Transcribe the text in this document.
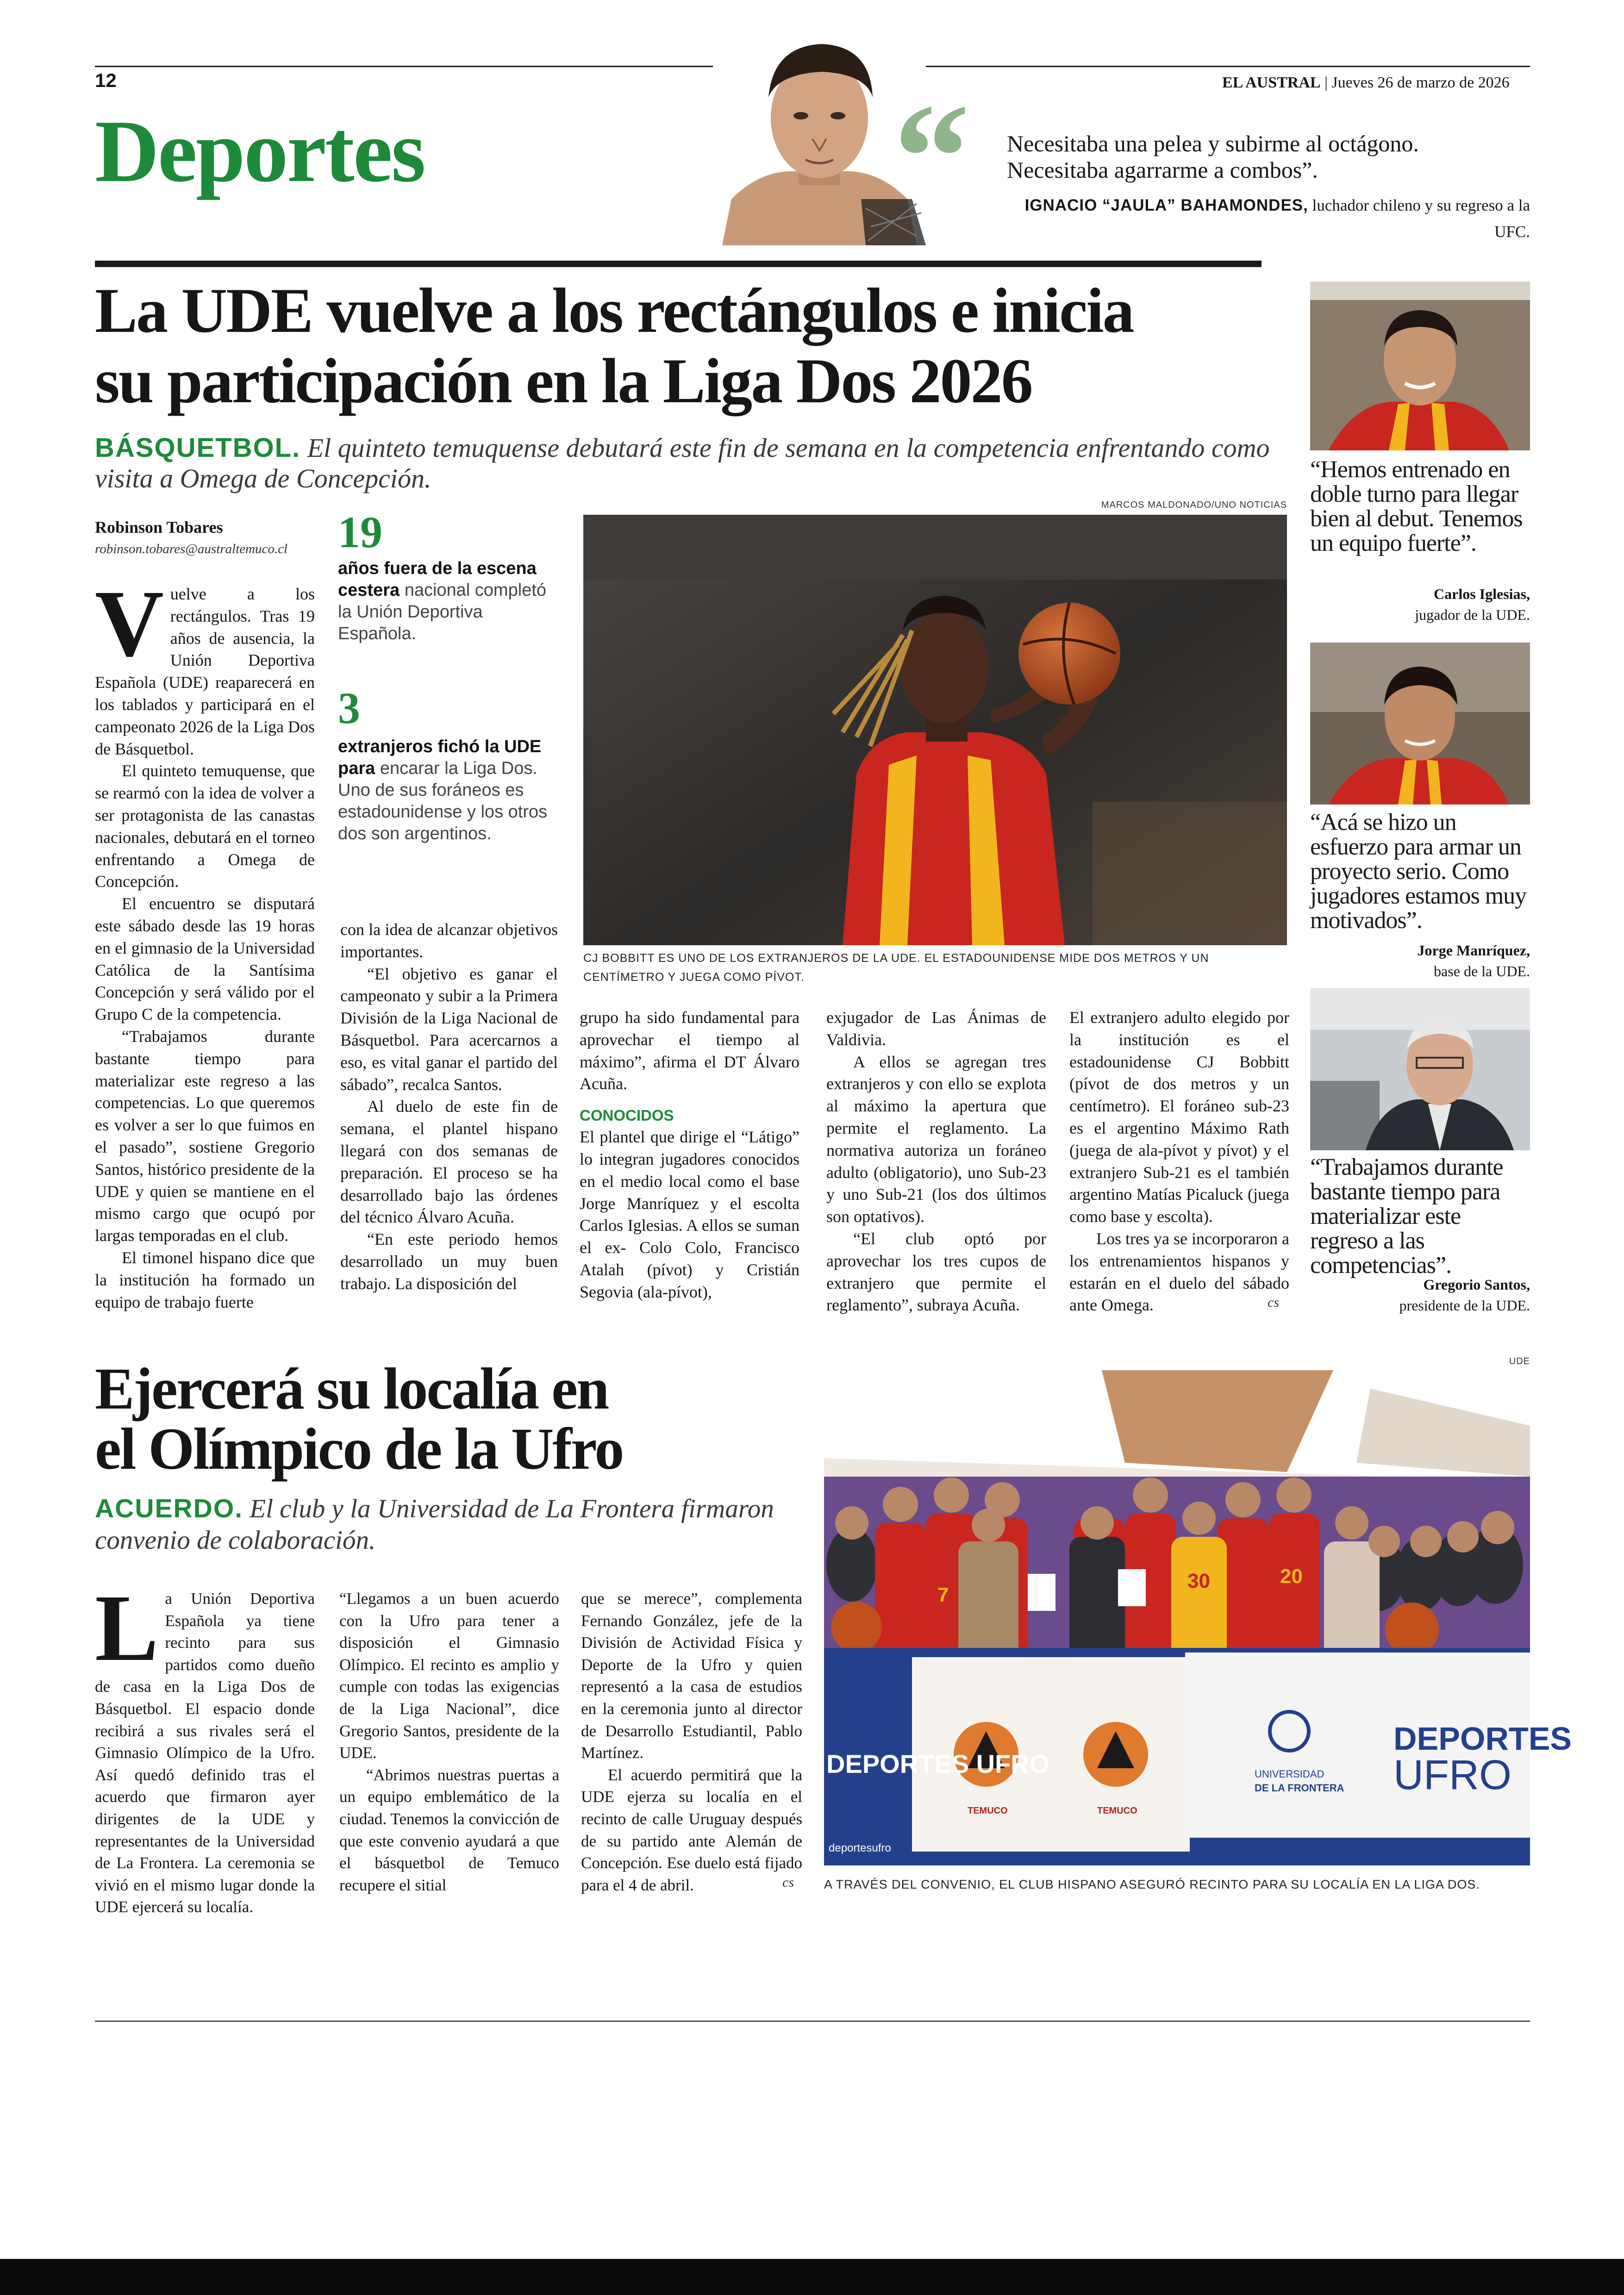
12	EL AUSTRAL | Jueves 26 de marzo de 2026
Deportes	“ Necesitaba una pelea y subirme al octágono. Necesitaba agarrarme a combos”.
IGNACIO “JAULA” BAHAMONDES, luchador chileno y su regreso a la UFC.
La UDE vuelve a los rectángulos e inicia
su participación en la Liga Dos 2026
BÁSQUETBOL. El quinteto temuquense debutará este fin de semana en la competencia enfrentando como visita a Omega de Concepción.
Robinson Tobares
robinson.tobares@australtemuco.cl

Vuelve a los rectángulos. Tras 19 años de ausencia, la Unión Deportiva Española (UDE) reaparecerá en los tablados y participará en el campeonato 2026 de la Liga Dos de Básquetbol.

El quinteto temuquense, que se rearmó con la idea de volver a ser protagonista de las canastas nacionales, debutará en el torneo enfrentando a Omega de Concepción.

El encuentro se disputará este sábado desde las 19 horas en el gimnasio de la Universidad Católica de la Santísima Concepción y será válido por el Grupo C de la competencia.

“Trabajamos durante bastante tiempo para materializar este regreso a las competencias. Lo que queremos es volver a ser lo que fuimos en el pasado”, sostiene Gregorio Santos, histórico presidente de la UDE y quien se mantiene en el mismo cargo que ocupó por largas temporadas en el club.

El timonel hispano dice que la institución ha formado un equipo de trabajo fuerte

19
años fuera de la escena cestera nacional completó la Unión Deportiva Española.
3
extranjeros fichó la UDE para encarar la Liga Dos. Uno de sus foráneos es estadounidense y los otros dos son argentinos.
MARCOS MALDONADO/UNO NOTICIAS
CJ BOBBITT ES UNO DE LOS EXTRANJEROS DE LA UDE. EL ESTADOUNIDENSE MIDE DOS METROS Y UN CENTÍMETRO Y JUEGA COMO PÍVOT.

con la idea de alcanzar objetivos importantes.

“El objetivo es ganar el campeonato y subir a la Primera División de la Liga Nacional de Básquetbol. Para acercarnos a eso, es vital ganar el partido del sábado”, recalca Santos.

Al duelo de este fin de semana, el plantel hispano llegará con dos semanas de preparación. El proceso se ha desarrollado bajo las órdenes del técnico Álvaro Acuña.

“En este periodo hemos desarrollado un muy buen trabajo. La disposición del

grupo ha sido fundamental para aprovechar el tiempo al máximo”, afirma el DT Álvaro Acuña.

CONOCIDOS

El plantel que dirige el “Látigo” lo integran jugadores conocidos en el medio local como el base Jorge Manríquez y el escolta Carlos Iglesias. A ellos se suman el ex- Colo Colo, Francisco Atalah (pívot) y Cristián Segovia (ala-pívot),

exjugador de Las Ánimas de Valdivia.

A ellos se agregan tres extranjeros y con ello se explota al máximo la apertura que permite el reglamento. La normativa autoriza un foráneo adulto (obligatorio), uno Sub-23 y uno Sub-21 (los dos últimos son optativos).

“El club optó por aprovechar los tres cupos de extranjero que permite el reglamento”, subraya Acuña.

El extranjero adulto elegido por la institución es el estadounidense CJ Bobbitt (pívot de dos metros y un centímetro). El foráneo sub-23 es el argentino Máximo Rath (juega de ala-pívot y pívot) y el extranjero Sub-21 es el también argentino Matías Picaluck (juega como base y escolta).

Los tres ya se incorporaron a los entrenamientos hispanos y estarán en el duelo del sábado ante Omega.	cs
“Hemos entrenado en doble turno para llegar bien al debut. Tenemos un equipo fuerte”.
Carlos Iglesias,
jugador de la UDE.
“Acá se hizo un esfuerzo para armar un proyecto serio. Como jugadores estamos muy motivados”.
Jorge Manríquez,
base de la UDE.
“Trabajamos durante bastante tiempo para materializar este regreso a las competencias”.
Gregorio Santos,
presidente de la UDE.
Ejercerá su localía en
el Olímpico de la Ufro
ACUERDO. El club y la Universidad de La Frontera firmaron convenio de colaboración.

La Unión Deportiva Española ya tiene recinto para sus partidos como dueño de casa en la Liga Dos de Básquetbol. El espacio donde recibirá a sus rivales será el Gimnasio Olímpico de la Ufro. Así quedó definido tras el acuerdo que firmaron ayer dirigentes de la UDE y representantes de la Universidad de La Frontera. La ceremonia se vivió en el mismo lugar donde la UDE ejercerá su localía.

“Llegamos a un buen acuerdo con la Ufro para tener a disposición el Gimnasio Olímpico. El recinto es amplio y cumple con todas las exigencias de la Liga Nacional”, dice Gregorio Santos, presidente de la UDE.

“Abrimos nuestras puertas a un equipo emblemático de la ciudad. Tenemos la convicción de que este convenio ayudará a que el básquetbol de Temuco recupere el sitial

que se merece”, complementa Fernando González, jefe de la División de Actividad Física y Deporte de la Ufro y quien representó a la casa de estudios en la ceremonia junto al director de Desarrollo Estudiantil, Pablo Martínez.

El acuerdo permitirá que la UDE ejerza su localía en el recinto de calle Uruguay después de su partido ante Alemán de Concepción. Ese duelo está fijado para el 4 de abril.	cs
UDE
7
30	20
TEMUCO	TEMUCO
DEPORTES UFRO
deportesufro
UNIVERSIDAD
DE LA FRONTERA
DEPORTES
UFRO
A TRAVÉS DEL CONVENIO, EL CLUB HISPANO ASEGURÓ RECINTO PARA SU LOCALÍA EN LA LIGA DOS.
